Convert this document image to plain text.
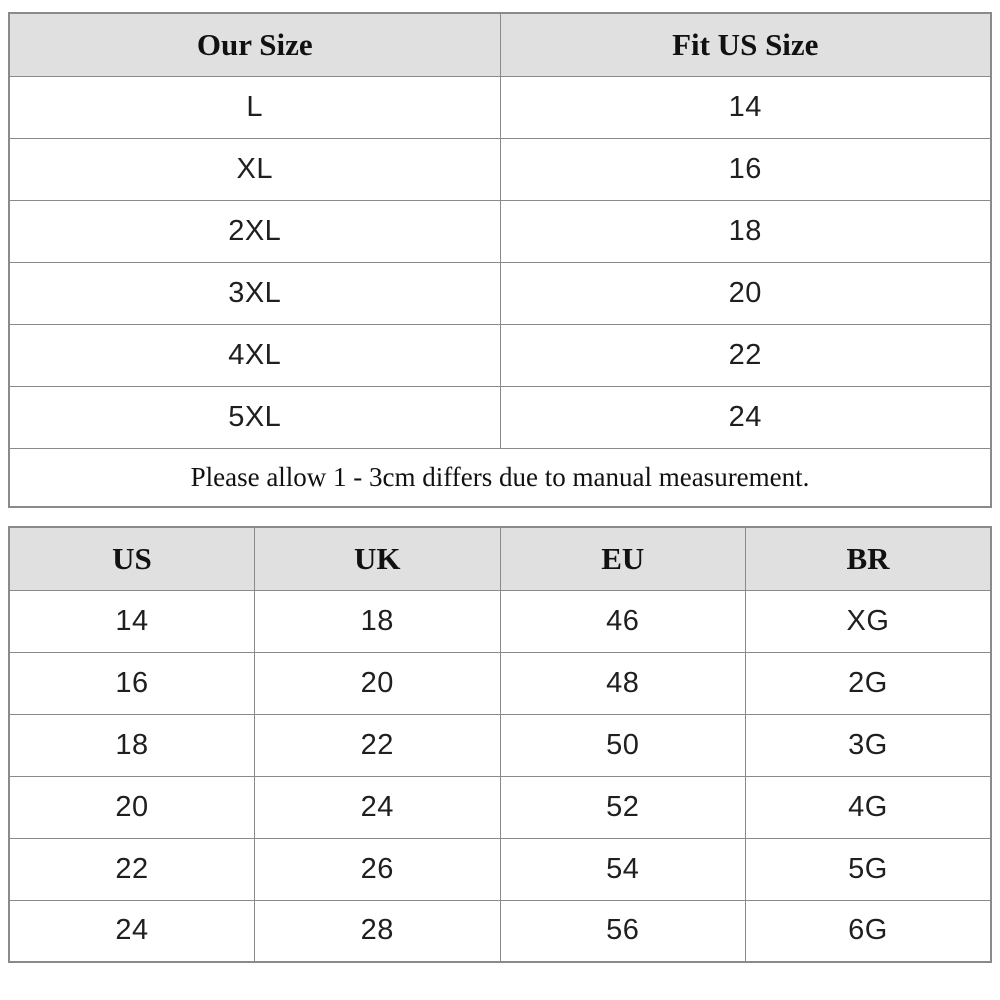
Our Size	Fit US Size
L	14
XL	16
2XL	18
3XL	20
4XL	22
5XL	24
Please allow 1 - 3cm differs due to manual measurement.	
US	UK	EU	BR
14	18	46	XG
16	20	48	2G
18	22	50	3G
20	24	52	4G
22	26	54	5G
24	28	56	6G
